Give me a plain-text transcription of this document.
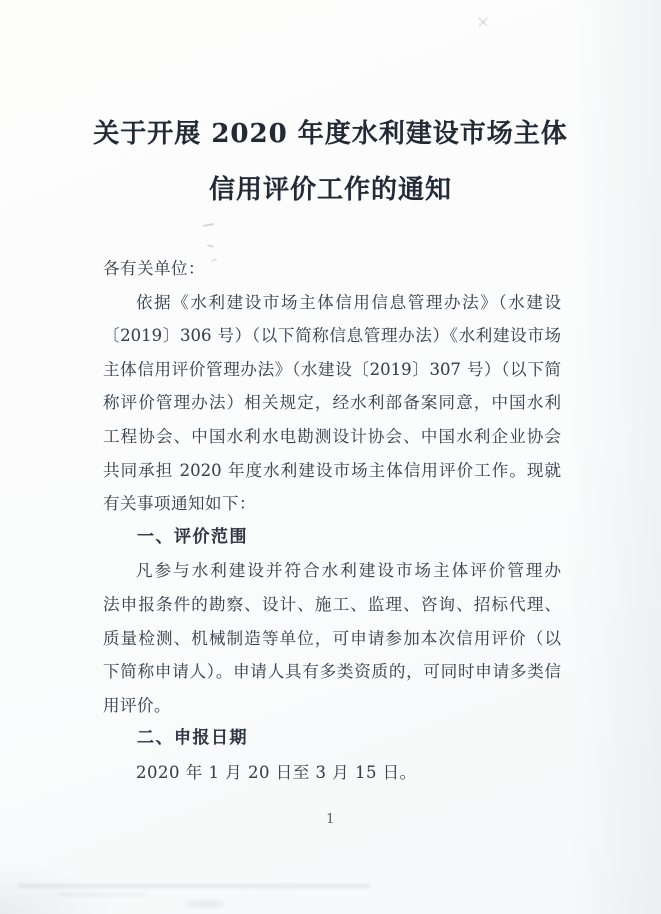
关于开展 2020 年度水利建设市场主体
信用评价工作的通知
各有关单位：
依据《水利建设市场主体信用信息管理办法》（水建设
〔2019〕306 号）（以下简称信息管理办法）《水利建设市场
主体信用评价管理办法》（水建设〔2019〕307 号）（以下简
称评价管理办法）相关规定，经水利部备案同意，中国水利
工程协会、中国水利水电勘测设计协会、中国水利企业协会
共同承担 2020 年度水利建设市场主体信用评价工作。现就
有关事项通知如下：
一、评价范围
凡参与水利建设并符合水利建设市场主体评价管理办
法申报条件的勘察、设计、施工、监理、咨询、招标代理、
质量检测、机械制造等单位，可申请参加本次信用评价（以
下简称申请人）。申请人具有多类资质的，可同时申请多类信
用评价。
二、申报日期
2020 年 1 月 20 日至 3 月 15 日。
1
